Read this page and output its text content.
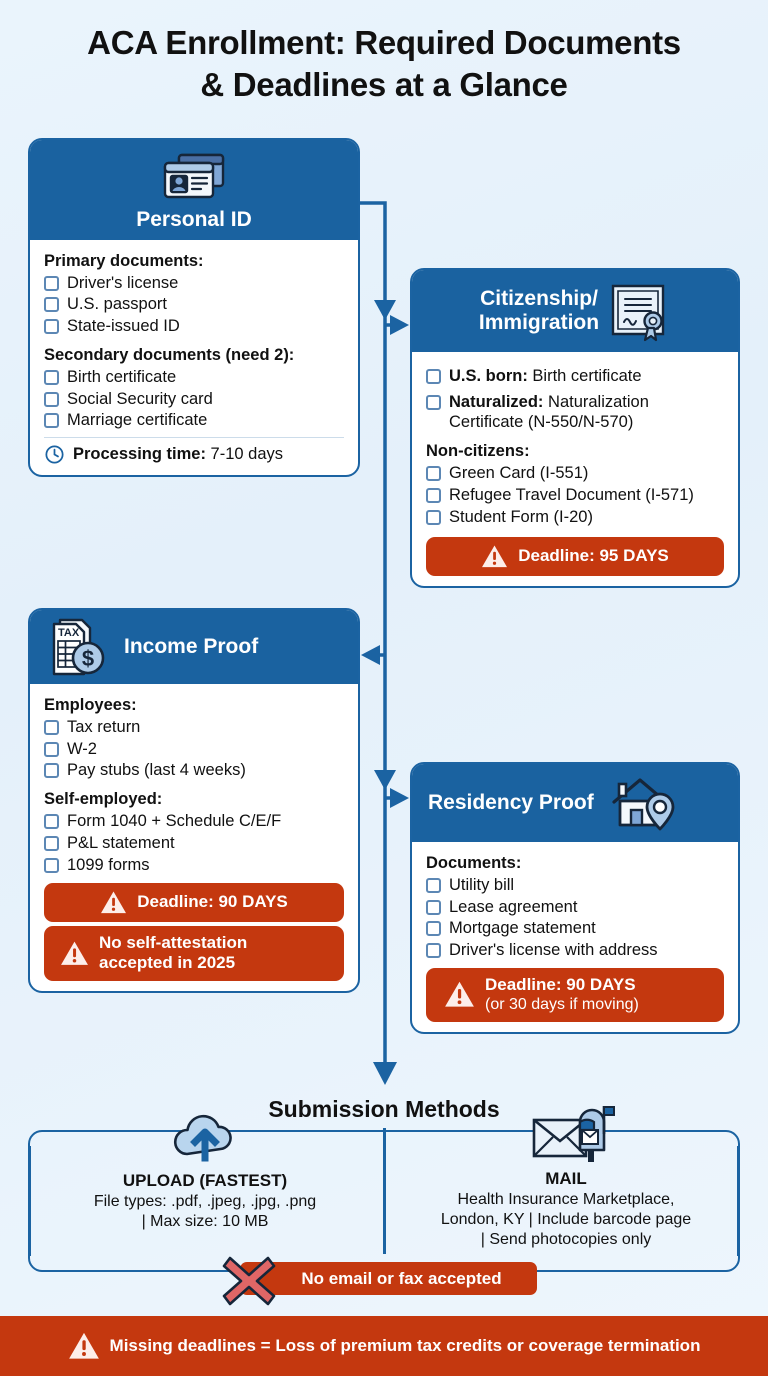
ACA Enrollment: Required Documents
& Deadlines at a Glance
Personal ID
Primary documents:
Driver's license
U.S. passport
State-issued ID
Secondary documents (need 2):
Birth certificate
Social Security card
Marriage certificate
Processing time: 7-10 days
Citizenship/
Immigration
U.S. born: Birth certificate
Naturalized: Naturalization Certificate (N-550/N-570)
Non-citizens:
Green Card (I-551)
Refugee Travel Document (I-571)
Student Form (I-20)
Deadline: 95 DAYS
TAX
$ Income Proof
Employees:
Tax return
W-2
Pay stubs (last 4 weeks)
Self-employed:
Form 1040 + Schedule C/E/F
P&L statement
1099 forms
Deadline: 90 DAYS
No self-attestation
accepted in 2025
Residency Proof
Documents:
Utility bill
Lease agreement
Mortgage statement
Driver's license with address
Deadline: 90 DAYS
(or 30 days if moving)
Submission Methods
UPLOAD (FASTEST)
File types: .pdf, .jpeg, .jpg, .png
| Max size: 10 MB
MAIL
Health Insurance Marketplace,
London, KY | Include barcode page
| Send photocopies only
No email or fax accepted
Missing deadlines = Loss of premium tax credits or coverage termination
